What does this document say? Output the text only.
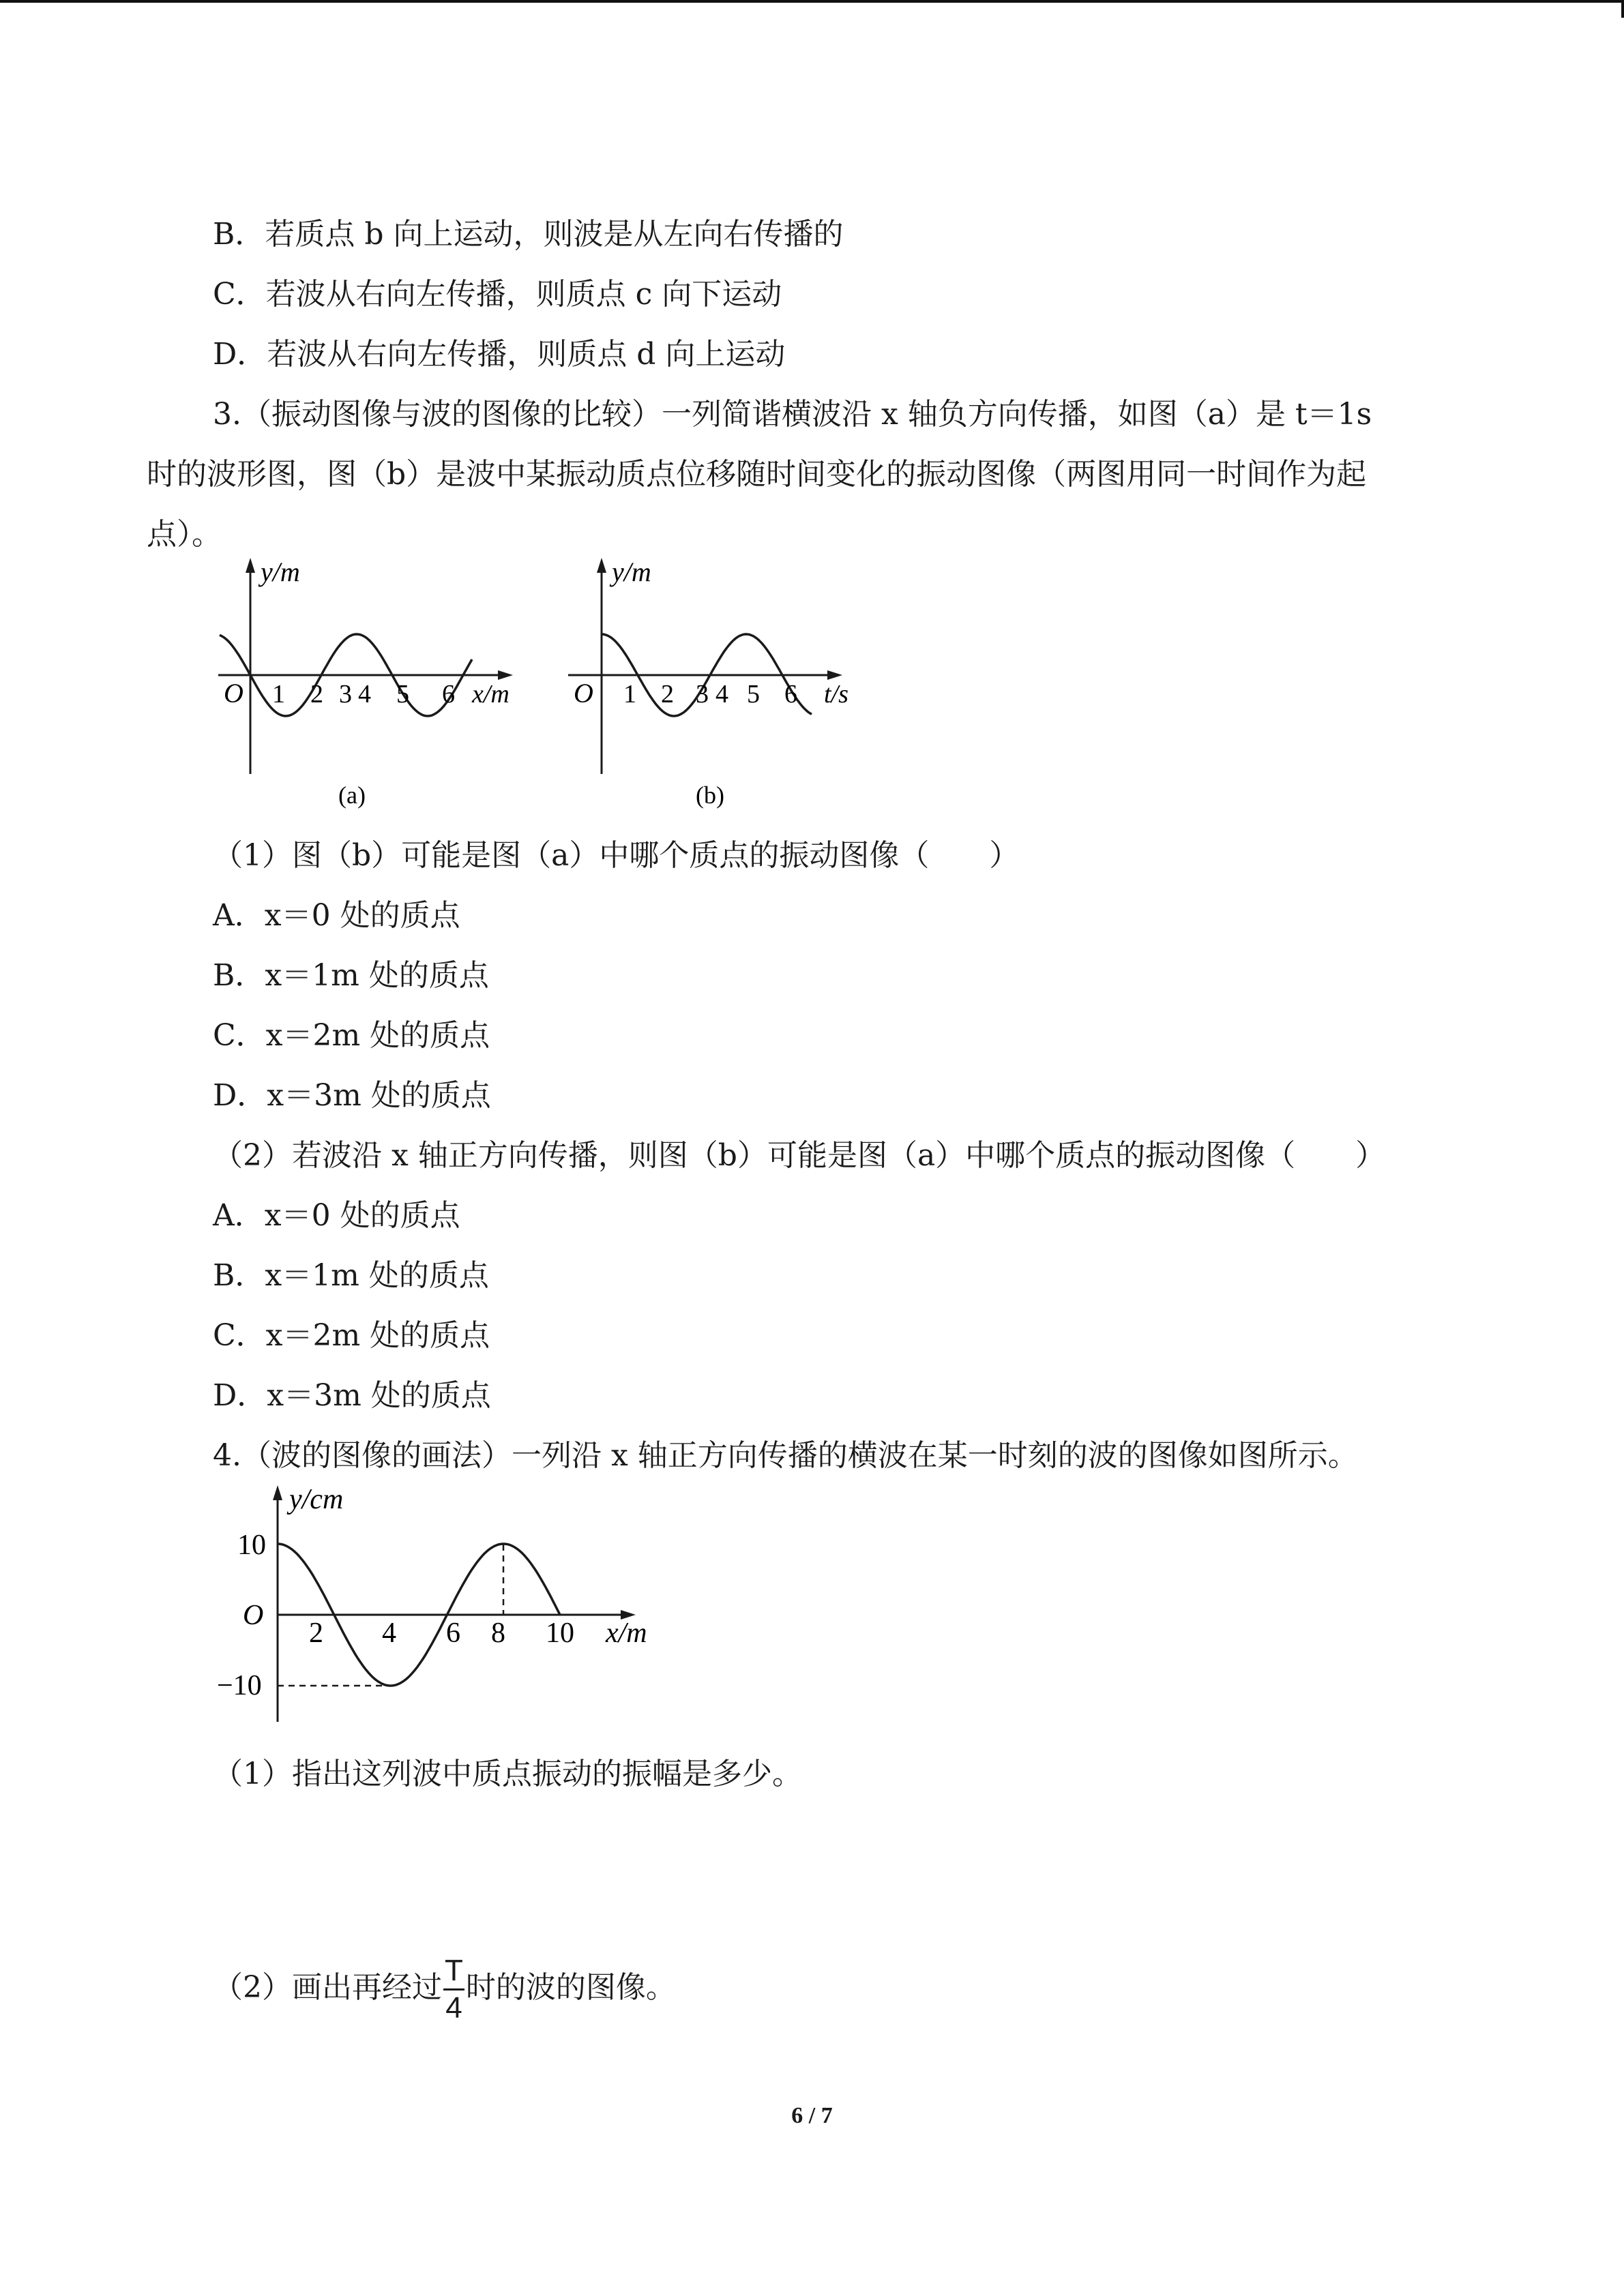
B．若质点 b 向上运动，则波是从左向右传播的
C．若波从右向左传播，则质点 c 向下运动
D．若波从右向左传播，则质点 d 向上运动
3.（振动图像与波的图像的比较）一列简谐横波沿 x 轴负方向传播，如图（a）是 t＝1s
时的波形图，图（b）是波中某振动质点位移随时间变化的振动图像（两图用同一时间作为起
点）。
y/m
O 1 2 3 4 5 6 x/m
(a)
y/m
O 1 2 3 4 5 6 t/s
(b)
（1）图（b）可能是图（a）中哪个质点的振动图像（　　）
A．x＝0 处的质点
B．x＝1m 处的质点
C．x＝2m 处的质点
D．x＝3m 处的质点
（2）若波沿 x 轴正方向传播，则图（b）可能是图（a）中哪个质点的振动图像（　　）
A．x＝0 处的质点
B．x＝1m 处的质点
C．x＝2m 处的质点
D．x＝3m 处的质点
4.（波的图像的画法）一列沿 x 轴正方向传播的横波在某一时刻的波的图像如图所示。
y/cm
10
−10
O
2 4 6 8 10 x/m
（1）指出这列波中质点振动的振幅是多少。
（2）画出再经过 $\frac{T}{4}$ 时的波的图像。
6 / 7
